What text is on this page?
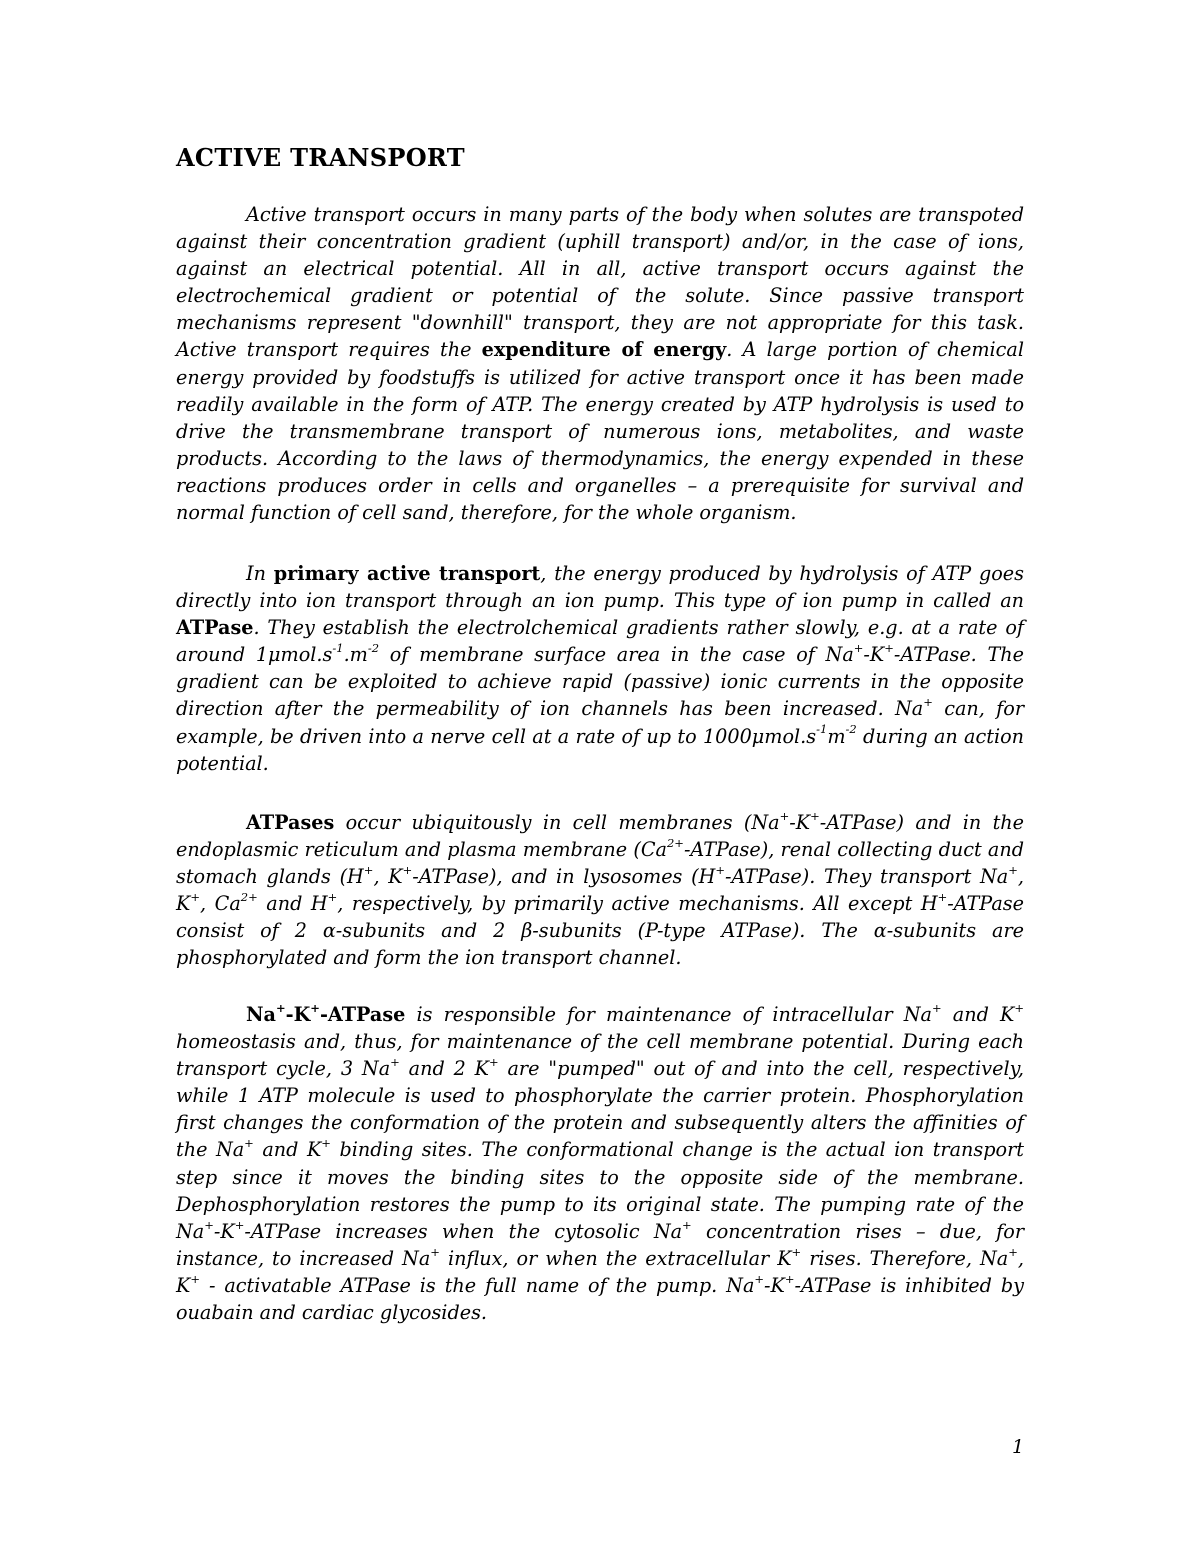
ACTIVE TRANSPORT

Active transport occurs in many parts of the body when solutes are transpoted against their concentration gradient (uphill transport) and/or, in the case of ions, against an electrical potential. All in all, active transport occurs against the electrochemical gradient or potential of the solute. Since passive transport mechanisms represent "downhill" transport, they are not appropriate for this task. Active transport requires the expenditure of energy. A large portion of chemical energy provided by foodstuffs is utilized for active transport once it has been made readily available in the form of ATP. The energy created by ATP hydrolysis is used to drive the transmembrane transport of numerous ions, metabolites, and waste products. According to the laws of thermodynamics, the energy expended in these reactions produces order in cells and organelles – a prerequisite for survival and normal function of cell sand, therefore, for the whole organism.

In primary active transport, the energy produced by hydrolysis of ATP goes directly into ion transport through an ion pump. This type of ion pump in called an ATPase. They establish the electrolchemical gradients rather slowly, e.g. at a rate of around $1\mu mol.s^{-1}.m^{-2}$ of membrane surface area in the case of Na+-K+-ATPase. The gradient can be exploited to achieve rapid (passive) ionic currents in the opposite direction after the permeability of ion channels has been increased. Na+ can, for example, be driven into a nerve cell at a rate of up to $1000\mu mol.s^{-1}m^{-2}$ during an action potential.

ATPases occur ubiquitously in cell membranes (Na+-K+-ATPase) and in the endoplasmic reticulum and plasma membrane $(Ca^{2+}-ATPase)$, renal collecting duct and stomach glands (H+, K+-ATPase), and in lysosomes (H+-ATPase). They transport Na+, K+, $Ca^{2+}$ and H+, respectively, by primarily active mechanisms. All except H+-ATPase consist of 2 α-subunits and 2 β-subunits (P-type ATPase). The α-subunits are phosphorylated and form the ion transport channel.

Na+-K+-ATPase is responsible for maintenance of intracellular Na+ and K+ homeostasis and, thus, for maintenance of the cell membrane potential. During each transport cycle, 3 Na+ and 2 K+ are "pumped" out of and into the cell, respectively, while 1 ATP molecule is used to phosphorylate the carrier protein. Phosphorylation first changes the conformation of the protein and subsequently alters the affinities of the Na+ and K+ binding sites. The conformational change is the actual ion transport step since it moves the binding sites to the opposite side of the membrane. Dephosphorylation restores the pump to its original state. The pumping rate of the Na+-K+-ATPase increases when the cytosolic Na+ concentration rises – due, for instance, to increased Na+ influx, or when the extracellular K+ rises. Therefore, Na+, K+ - activatable ATPase is the full name of the pump. Na+-K+-ATPase is inhibited by ouabain and cardiac glycosides.

1
